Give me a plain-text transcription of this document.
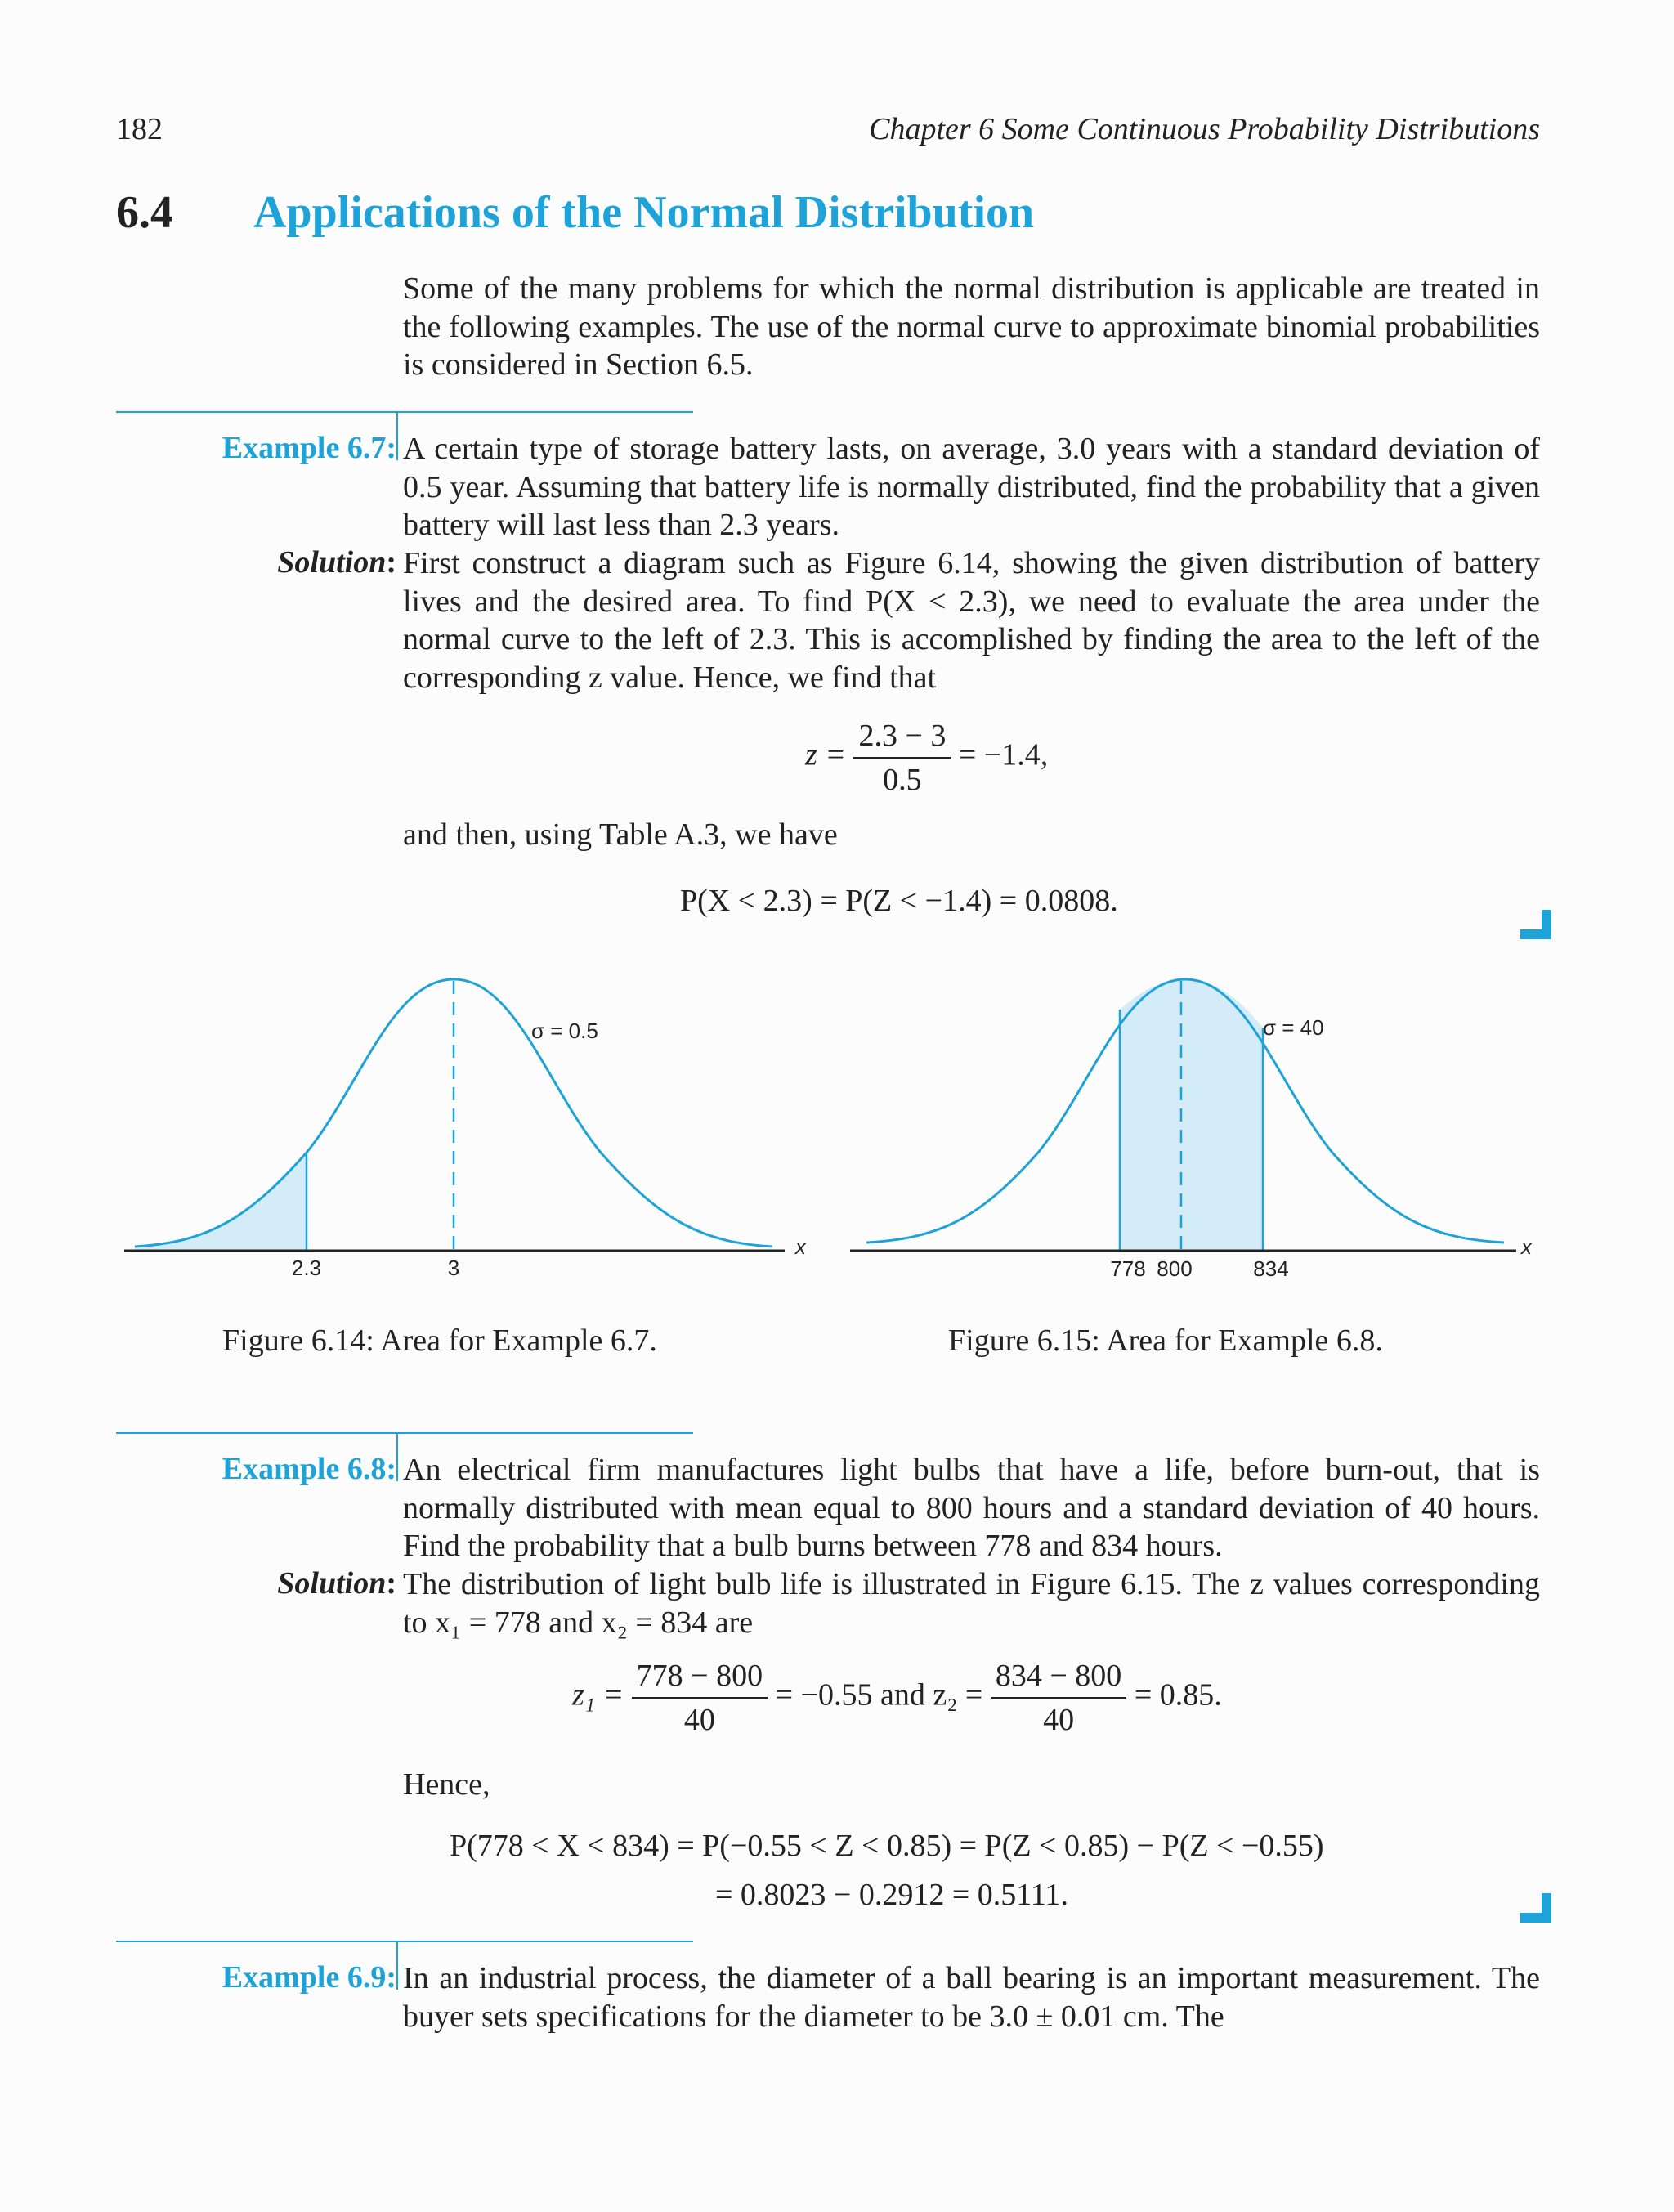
182	Chapter 6 Some Continuous Probability Distributions
6.4 Applications of the Normal Distribution
Some of the many problems for which the normal distribution is applicable are treated in the following examples. The use of the normal curve to approximate binomial probabilities is considered in Section 6.5.
Example 6.7: A certain type of storage battery lasts, on average, 3.0 years with a standard deviation of 0.5 year. Assuming that battery life is normally distributed, find the probability that a given battery will last less than 2.3 years.
Solution: First construct a diagram such as Figure 6.14, showing the given distribution of battery lives and the desired area. To find P(X < 2.3), we need to evaluate the area under the normal curve to the left of 2.3. This is accomplished by finding the area to the left of the corresponding z value. Hence, we find that
$z = \frac{2.3 - 3}{0.5} = -1.4$,
and then, using Table A.3, we have
P(X < 2.3) = P(Z < −1.4) = 0.0808.
σ = 0.5
2.3	3
x
σ = 40
778 800	834
x
Figure 6.14: Area for Example 6.7.	Figure 6.15: Area for Example 6.8.
Example 6.8: An electrical firm manufactures light bulbs that have a life, before burn-out, that is normally distributed with mean equal to 800 hours and a standard deviation of 40 hours. Find the probability that a bulb burns between 778 and 834 hours.
Solution: The distribution of light bulb life is illustrated in Figure 6.15. The z values corresponding to x₁ = 778 and x₂ = 834 are
$z_1 = \frac{778 - 800}{40} = -0.55$ and $z_2 = \frac{834 - 800}{40} = 0.85$.
Hence,
P(778 < X < 834) = P(−0.55 < Z < 0.85) = P(Z < 0.85) − P(Z < −0.55)
= 0.8023 − 0.2912 = 0.5111.
Example 6.9: In an industrial process, the diameter of a ball bearing is an important measurement. The buyer sets specifications for the diameter to be 3.0 ± 0.01 cm. The
